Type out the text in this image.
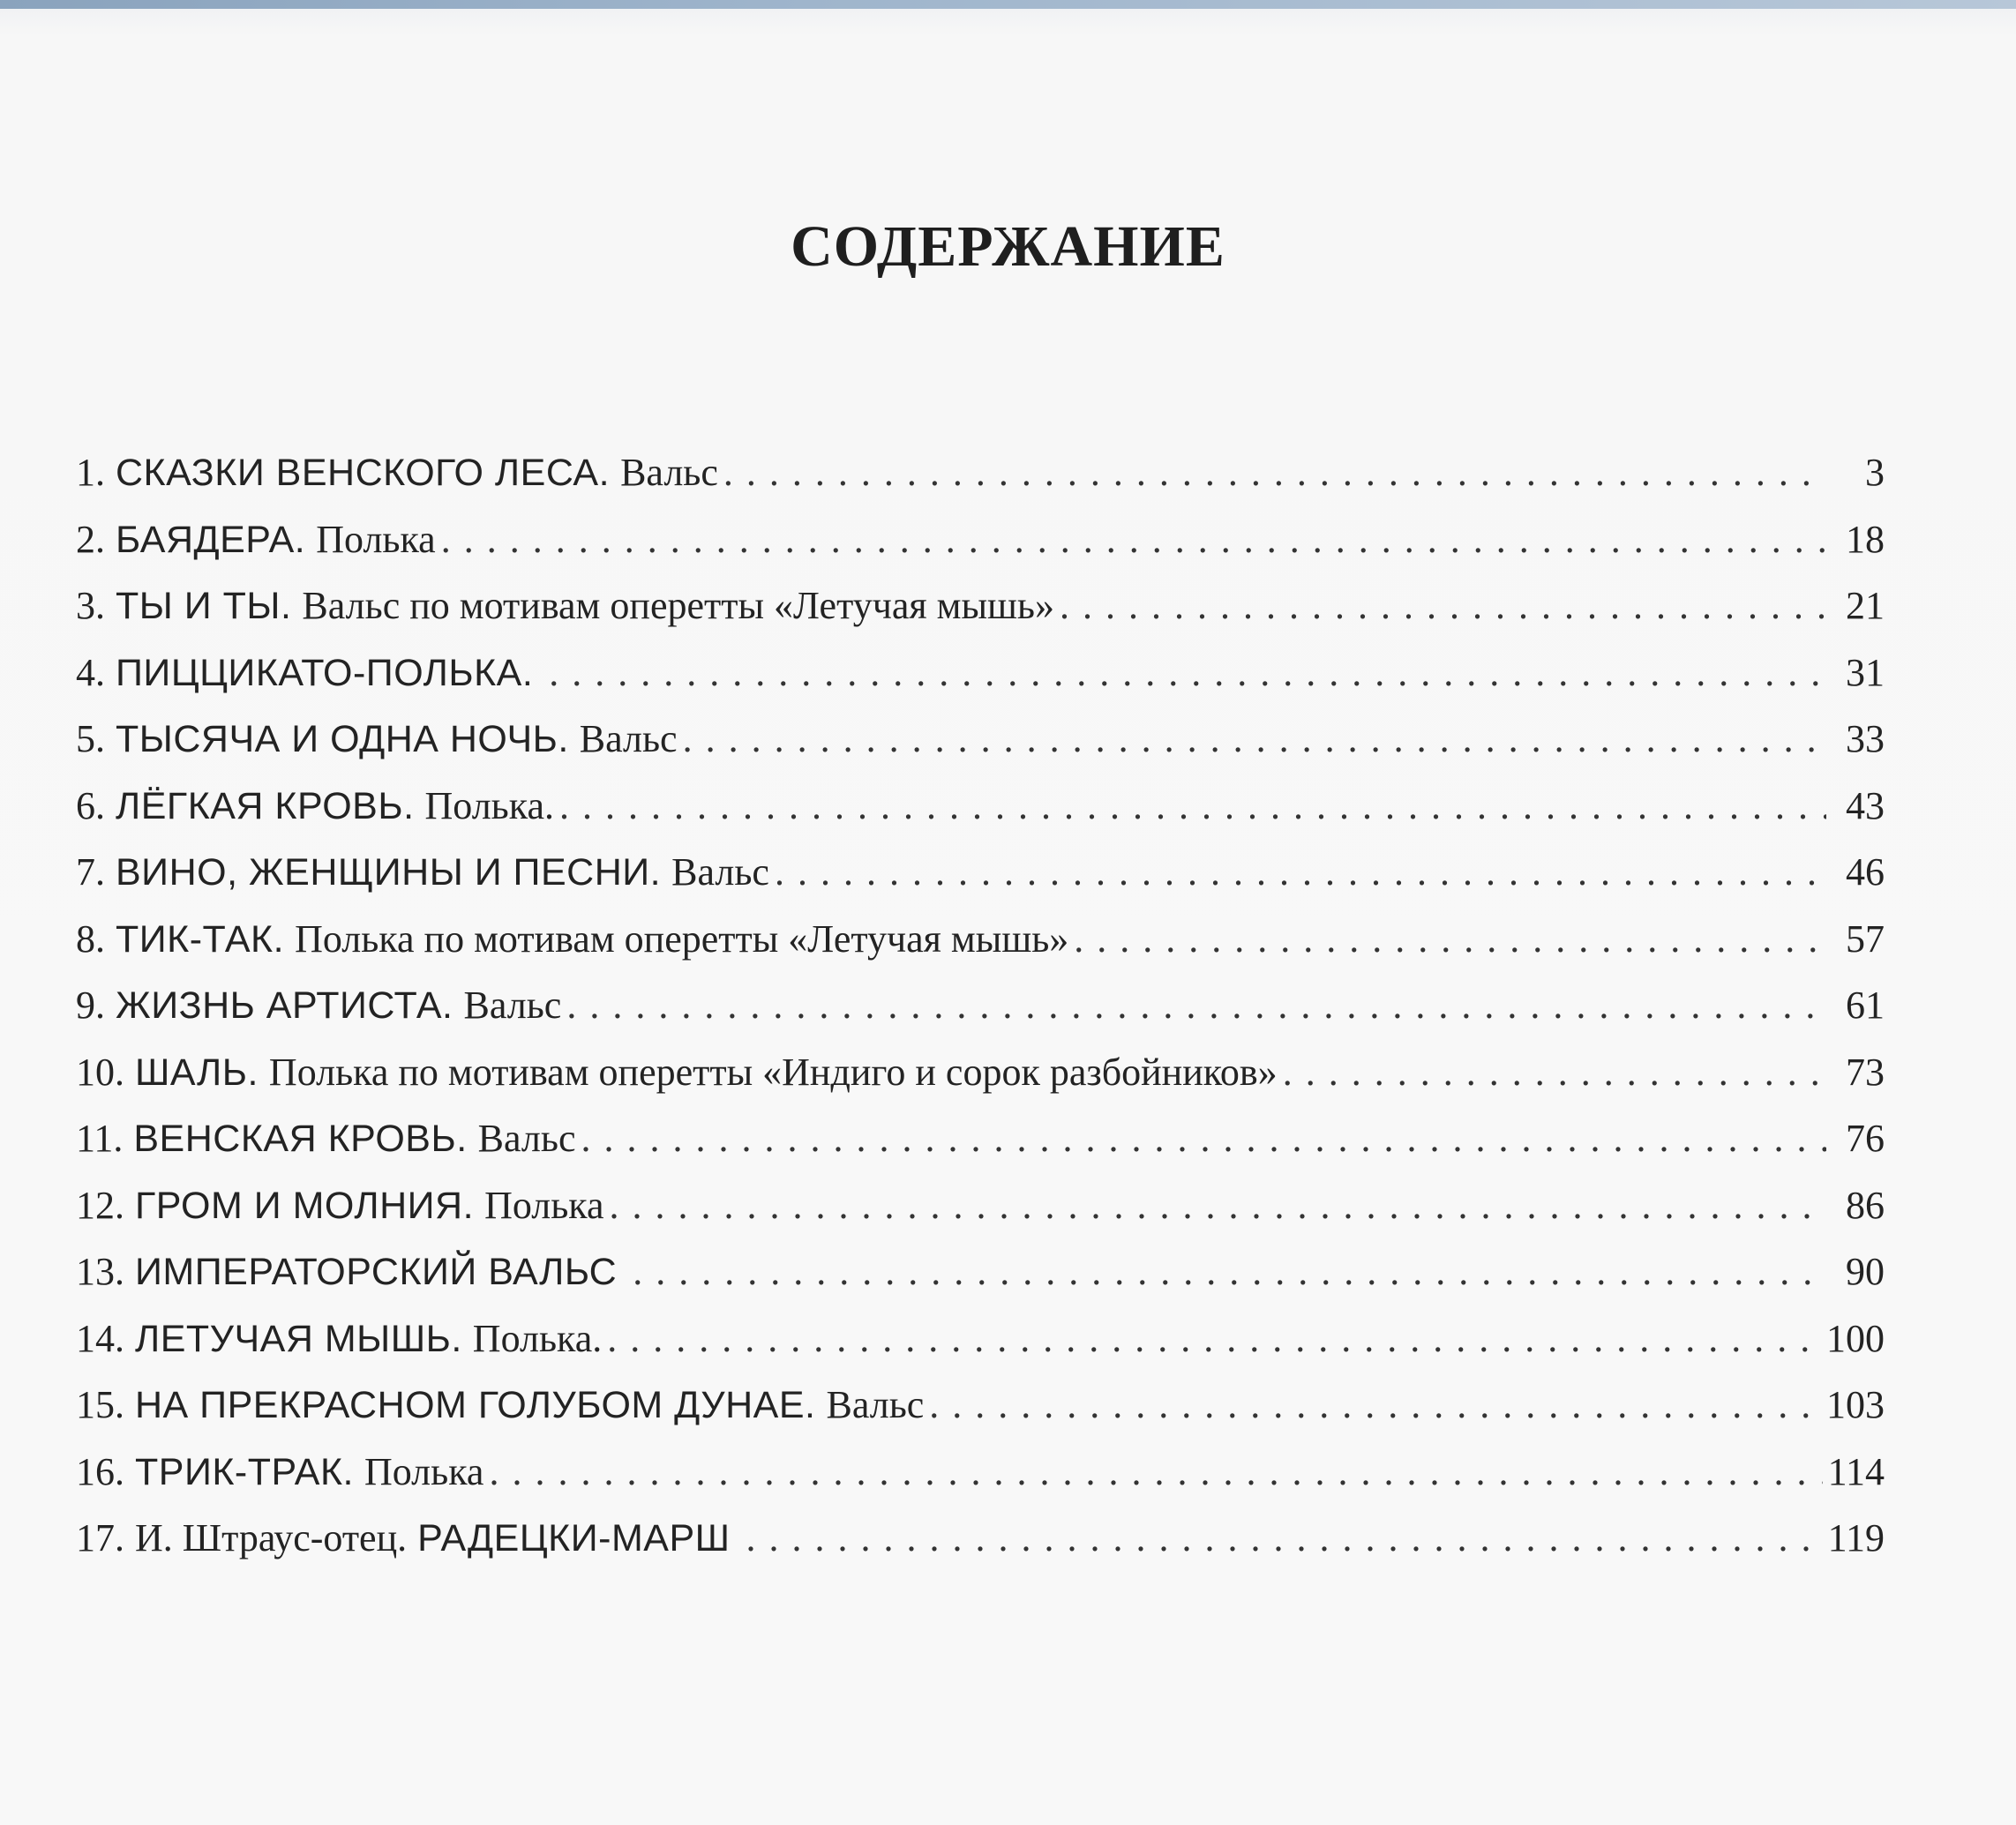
СОДЕРЖАНИЕ
1. СКАЗКИ ВЕНСКОГО ЛЕСА. Вальс . . .	3
2. БАЯДЕРА. Полька . . .	18
3. ТЫ И ТЫ. Вальс по мотивам оперетты «Летучая мышь» . . .	21
4. ПИЦЦИКАТО-ПОЛЬКА. . . .	31
5. ТЫСЯЧА И ОДНА НОЧЬ. Вальс . . .	33
6. ЛЁГКАЯ КРОВЬ. Полька. . . .	43
7. ВИНО, ЖЕНЩИНЫ И ПЕСНИ. Вальс . . .	46
8. ТИК-ТАК. Полька по мотивам оперетты «Летучая мышь» . . .	57
9. ЖИЗНЬ АРТИСТА. Вальс . . .	61
10. ШАЛЬ. Полька по мотивам оперетты «Индиго и сорок разбойников» . . .	73
11. ВЕНСКАЯ КРОВЬ. Вальс . . .	76
12. ГРОМ И МОЛНИЯ. Полька . . .	86
13. ИМПЕРАТОРСКИЙ ВАЛЬС . . .	90
14. ЛЕТУЧАЯ МЫШЬ. Полька. . . .	100
15. НА ПРЕКРАСНОМ ГОЛУБОМ ДУНАЕ. Вальс . . .	103
16. ТРИК-ТРАК. Полька . . .	114
17. И. Штраус-отец. РАДЕЦКИ-МАРШ . . .	119
